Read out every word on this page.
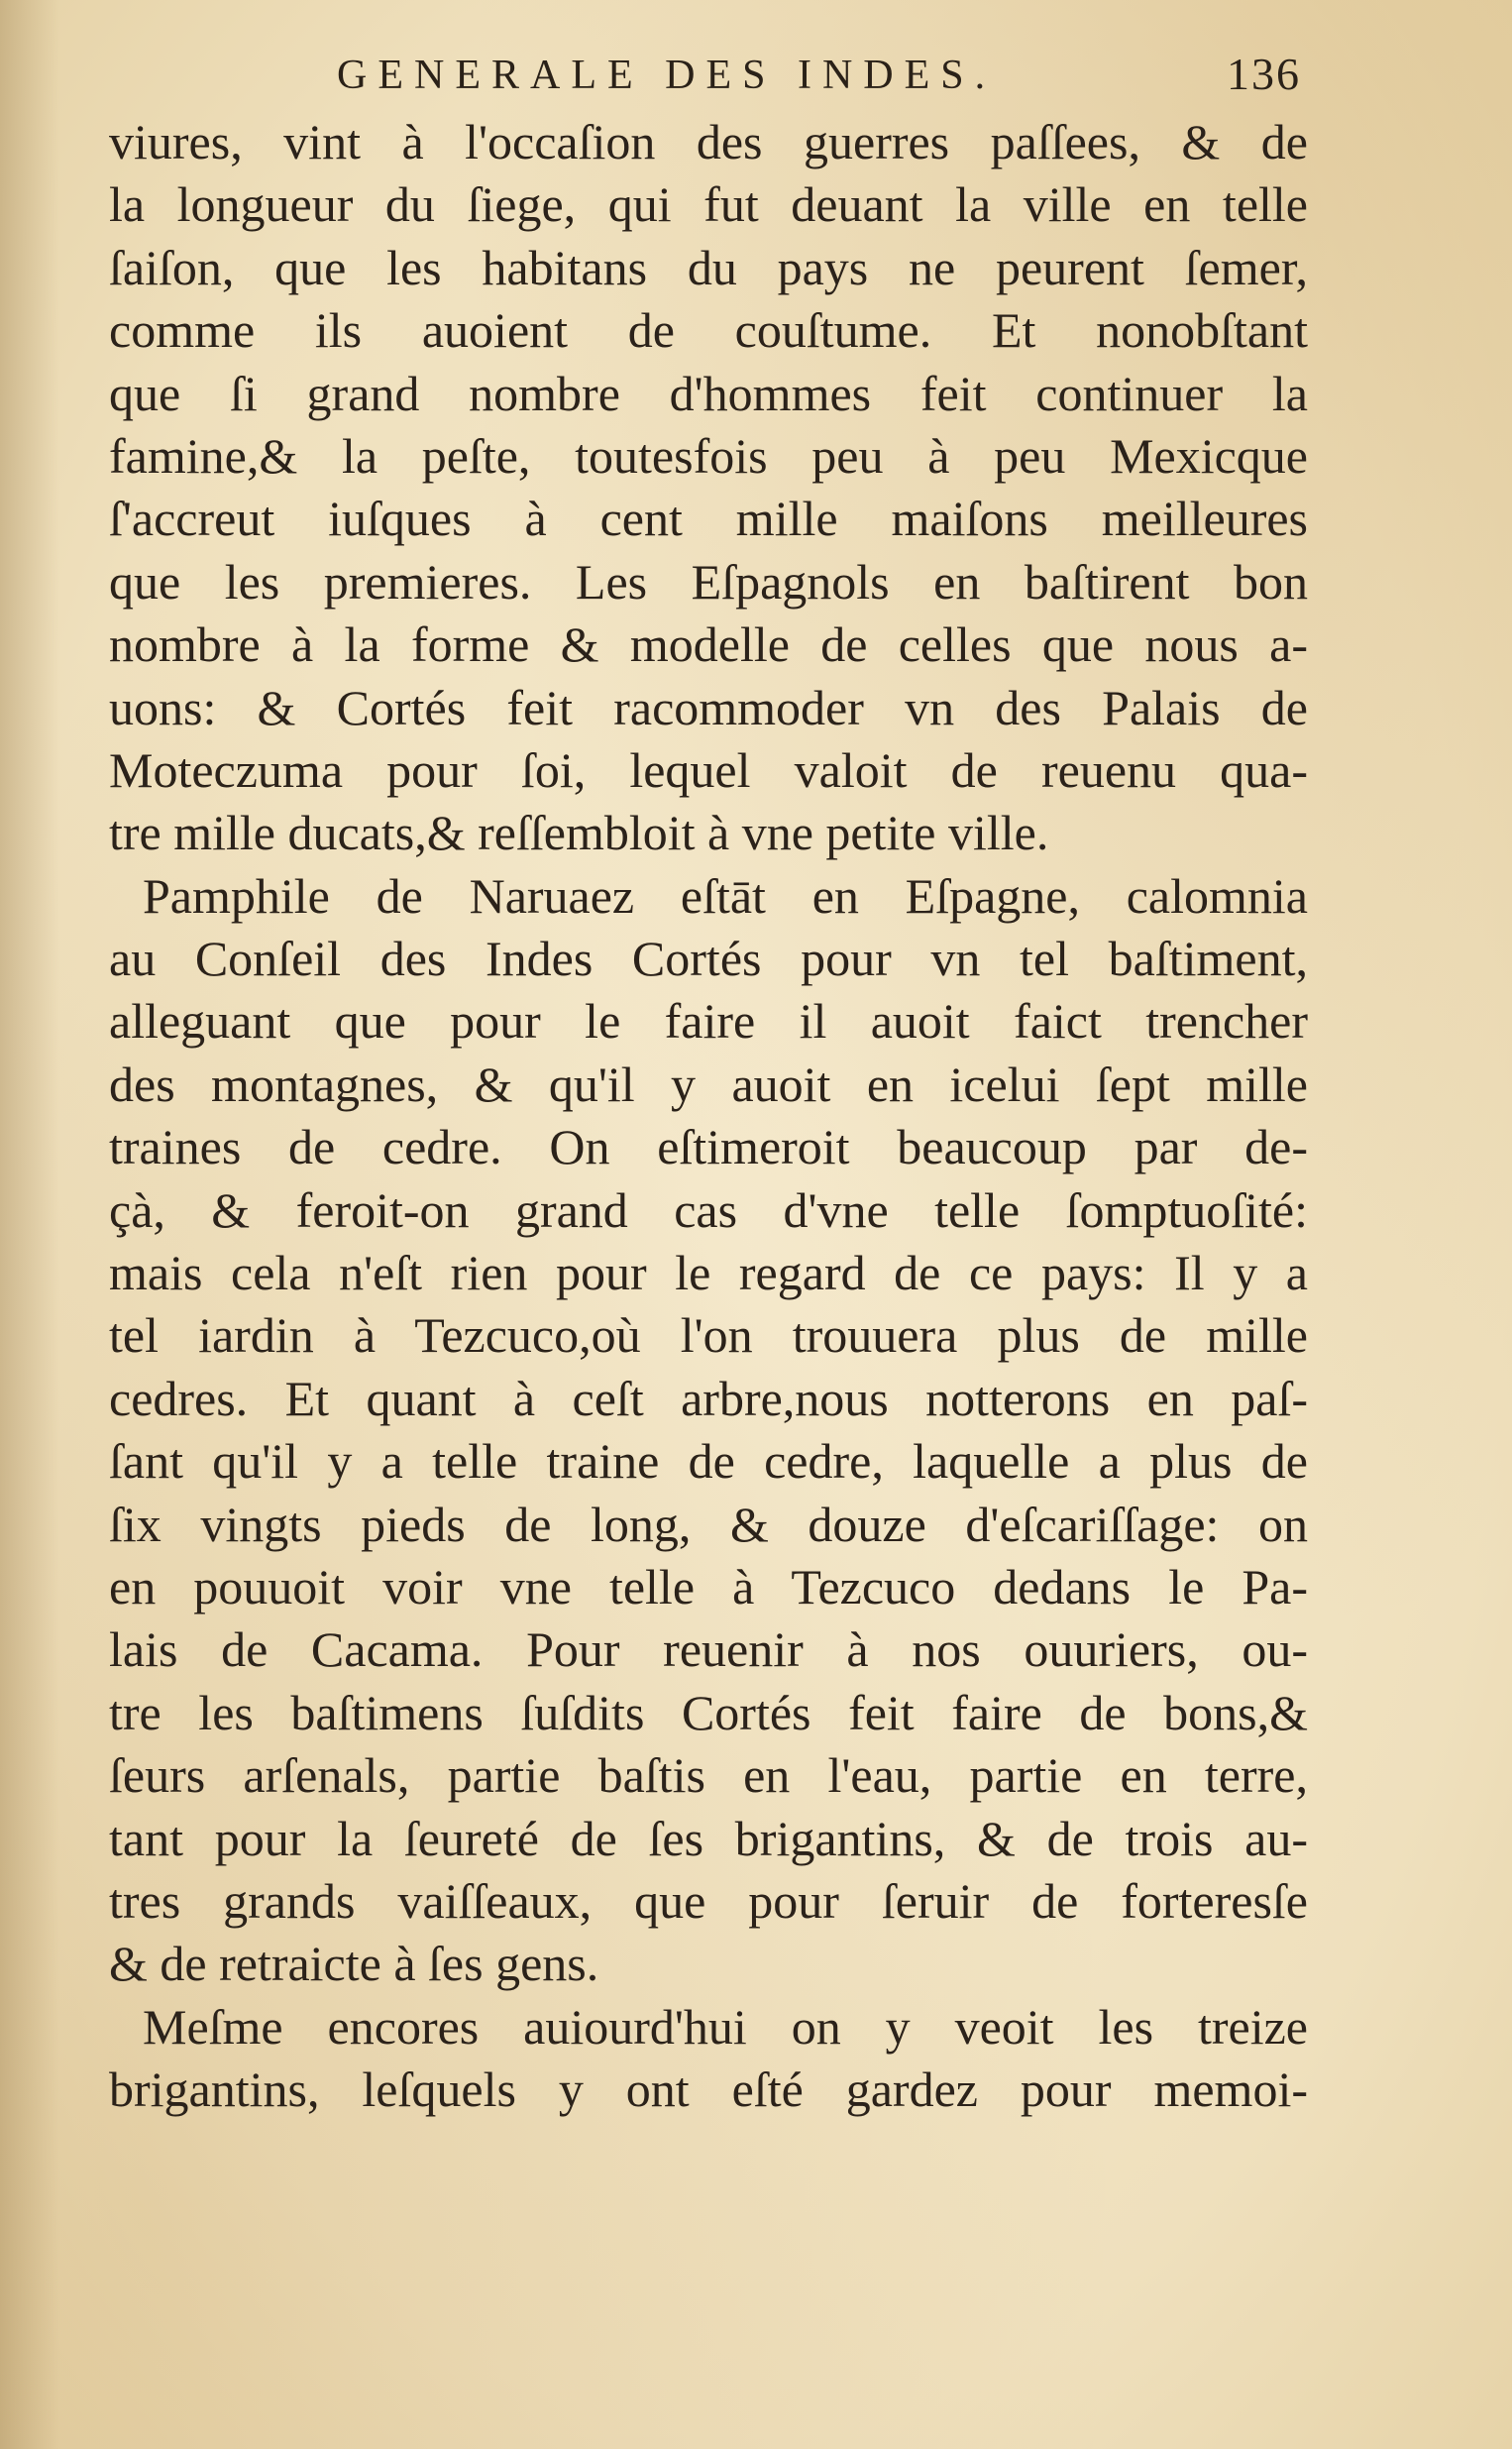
GENERALE DES INDES.	136
viures, vint à l'occaſion des guerres paſſees, & de
la longueur du ſiege, qui fut deuant la ville en telle
ſaiſon, que les habitans du pays ne peurent ſemer,
comme ils auoient de couſtume. Et nonobſtant
que ſi grand nombre d'hommes feit continuer la
famine,& la peſte, toutesfois peu à peu Mexicque
ſ'accreut iuſques à cent mille maiſons meilleures
que les premieres. Les Eſpagnols en baſtirent bon
nombre à la forme & modelle de celles que nous a-
uons: & Cortés feit racommoder vn des Palais de
Moteczuma pour ſoi, lequel valoit de reuenu qua-
tre mille ducats,& reſſembloit à vne petite ville.
Pamphile de Naruaez eſtāt en Eſpagne, calomnia
au Conſeil des Indes Cortés pour vn tel baſtiment,
alleguant que pour le faire il auoit faict trencher
des montagnes, & qu'il y auoit en icelui ſept mille
traines de cedre. On eſtimeroit beaucoup par de-
çà, & feroit-on grand cas d'vne telle ſomptuoſité:
mais cela n'eſt rien pour le regard de ce pays: Il y a
tel iardin à Tezcuco,où l'on trouuera plus de mille
cedres. Et quant à ceſt arbre,nous notterons en paſ-
ſant qu'il y a telle traine de cedre, laquelle a plus de
ſix vingts pieds de long, & douze d'eſcariſſage: on
en pouuoit voir vne telle à Tezcuco dedans le Pa-
lais de Cacama. Pour reuenir à nos ouuriers, ou-
tre les baſtimens ſuſdits Cortés feit faire de bons,&
ſeurs arſenals, partie baſtis en l'eau, partie en terre,
tant pour la ſeureté de ſes brigantins, & de trois au-
tres grands vaiſſeaux, que pour ſeruir de forteresſe
& de retraicte à ſes gens.
Meſme encores auiourd'hui on y veoit les treize
brigantins, leſquels y ont eſté gardez pour memoi-
